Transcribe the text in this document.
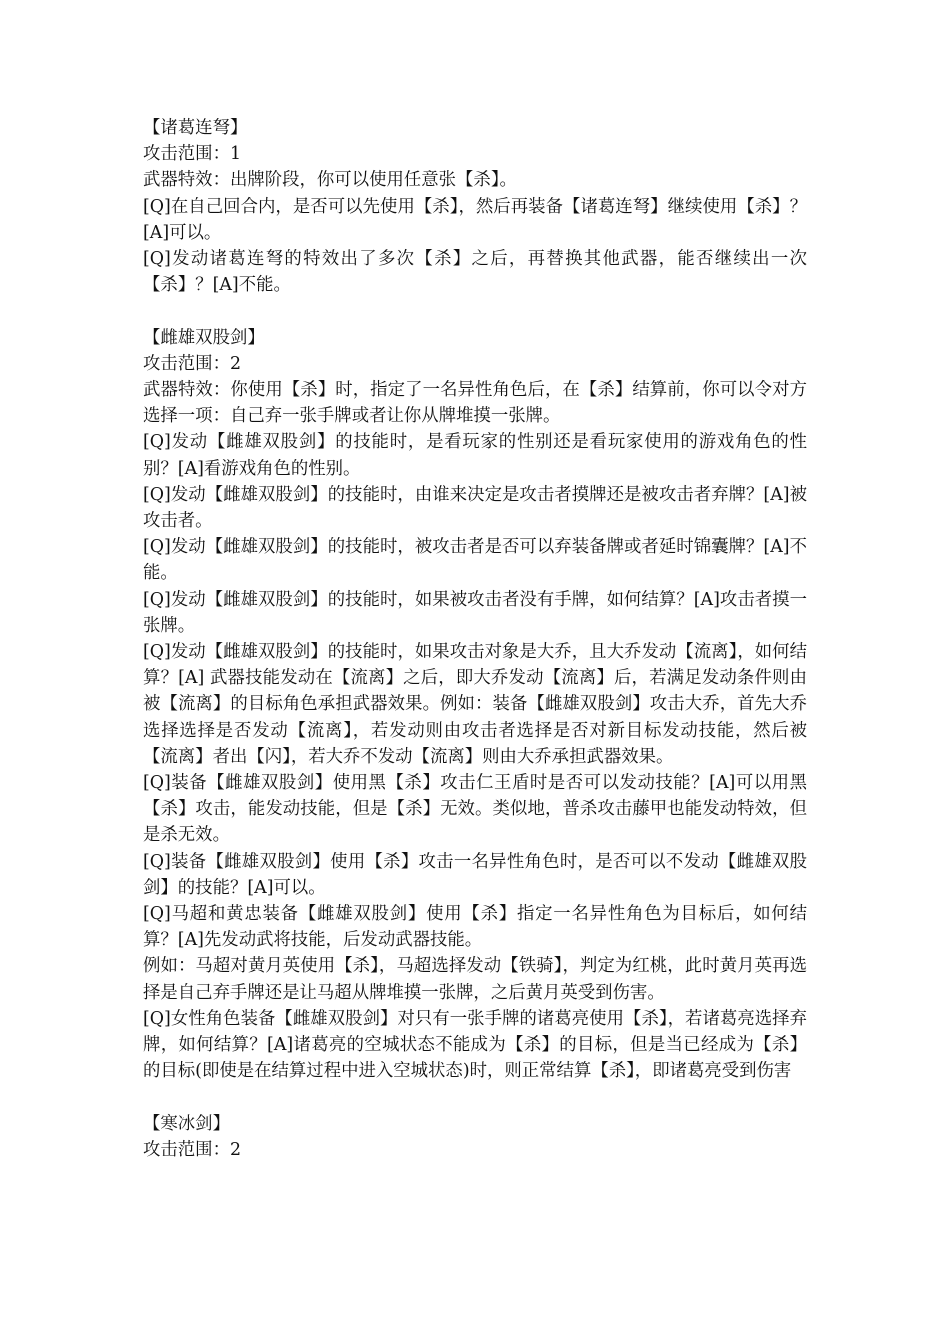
【诸葛连弩】

攻击范围：1

武器特效：出牌阶段，你可以使用任意张【杀】。

[Q]在自己回合内，是否可以先使用【杀】，然后再装备【诸葛连弩】继续使用【杀】？[A]可以。

[Q]发动诸葛连弩的特效出了多次【杀】之后，再替换其他武器，能否继续出一次【杀】？[A]不能。

【雌雄双股剑】

攻击范围：2

武器特效：你使用【杀】时，指定了一名异性角色后，在【杀】结算前，你可以令对方选择一项：自己弃一张手牌或者让你从牌堆摸一张牌。

[Q]发动【雌雄双股剑】的技能时，是看玩家的性别还是看玩家使用的游戏角色的性别？[A]看游戏角色的性别。

[Q]发动【雌雄双股剑】的技能时，由谁来决定是攻击者摸牌还是被攻击者弃牌？[A]被攻击者。

[Q]发动【雌雄双股剑】的技能时，被攻击者是否可以弃装备牌或者延时锦囊牌？[A]不能。

[Q]发动【雌雄双股剑】的技能时，如果被攻击者没有手牌，如何结算？[A]攻击者摸一张牌。

[Q]发动【雌雄双股剑】的技能时，如果攻击对象是大乔，且大乔发动【流离】，如何结算？[A] 武器技能发动在【流离】之后，即大乔发动【流离】后，若满足发动条件则由被【流离】的目标角色承担武器效果。例如：装备【雌雄双股剑】攻击大乔，首先大乔选择选择是否发动【流离】，若发动则由攻击者选择是否对新目标发动技能，然后被【流离】者出【闪】，若大乔不发动【流离】则由大乔承担武器效果。

[Q]装备【雌雄双股剑】使用黑【杀】攻击仁王盾时是否可以发动技能？[A]可以用黑【杀】攻击，能发动技能，但是【杀】无效。类似地，普杀攻击藤甲也能发动特效，但是杀无效。

[Q]装备【雌雄双股剑】使用【杀】攻击一名异性角色时，是否可以不发动【雌雄双股剑】的技能？[A]可以。

[Q]马超和黄忠装备【雌雄双股剑】使用【杀】指定一名异性角色为目标后，如何结算？[A]先发动武将技能，后发动武器技能。

例如：马超对黄月英使用【杀】，马超选择发动【铁骑】，判定为红桃，此时黄月英再选择是自己弃手牌还是让马超从牌堆摸一张牌，之后黄月英受到伤害。

[Q]女性角色装备【雌雄双股剑】对只有一张手牌的诸葛亮使用【杀】，若诸葛亮选择弃牌，如何结算？[A]诸葛亮的空城状态不能成为【杀】的目标，但是当已经成为【杀】的目标(即使是在结算过程中进入空城状态)时，则正常结算【杀】，即诸葛亮受到伤害

【寒冰剑】

攻击范围：2
